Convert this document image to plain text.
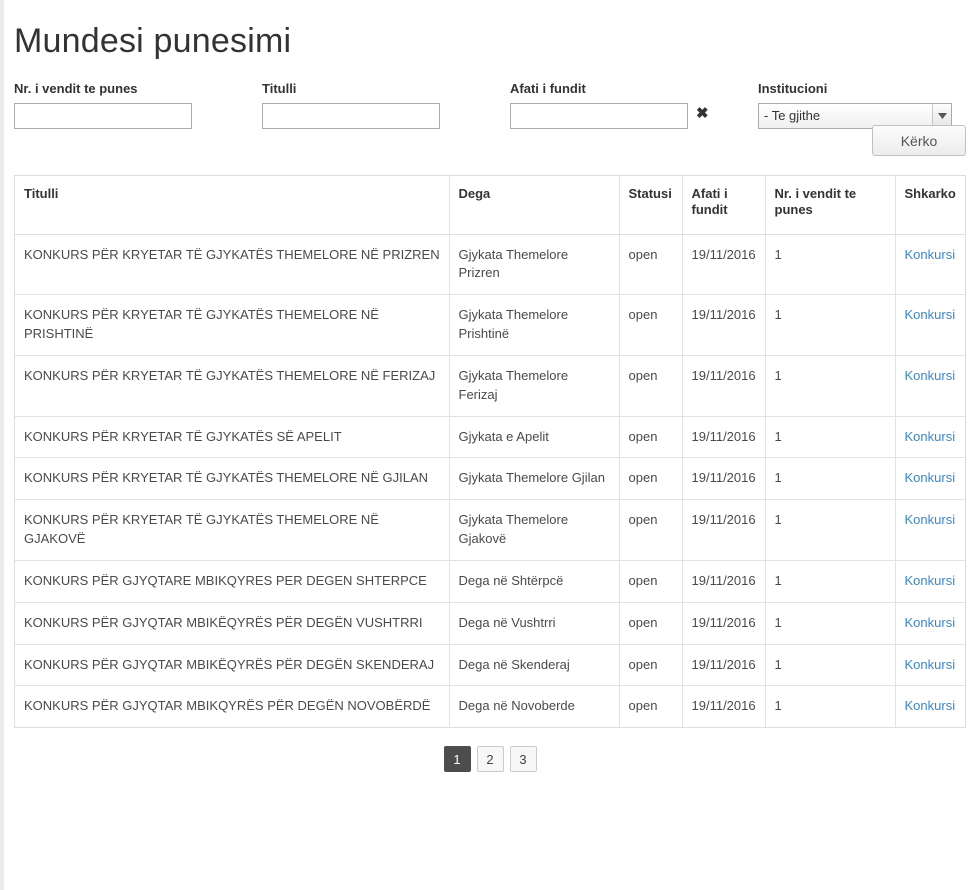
Mundesi punesimi
Nr. i vendit te punes	Titulli	Afati i fundit
✖
Institucioni
- Te gjithe
Kërko
Titulli	Dega	Statusi	Afati i fundit	Nr. i vendit te punes	Shkarko
KONKURS PËR KRYETAR TË GJYKATËS THEMELORE NË PRIZREN	Gjykata Themelore Prizren	open	19/11/2016	1	Konkursi
KONKURS PËR KRYETAR TË GJYKATËS THEMELORE NË PRISHTINË	Gjykata Themelore Prishtinë	open	19/11/2016	1	Konkursi
KONKURS PËR KRYETAR TË GJYKATËS THEMELORE NË FERIZAJ	Gjykata Themelore Ferizaj	open	19/11/2016	1	Konkursi
KONKURS PËR KRYETAR TË GJYKATËS SË APELIT	Gjykata e Apelit	open	19/11/2016	1	Konkursi
KONKURS PËR KRYETAR TË GJYKATËS THEMELORE NË GJILAN	Gjykata Themelore Gjilan	open	19/11/2016	1	Konkursi
KONKURS PËR KRYETAR TË GJYKATËS THEMELORE NË GJAKOVË	Gjykata Themelore Gjakovë	open	19/11/2016	1	Konkursi
KONKURS PËR GJYQTARE MBIKQYRES PER DEGEN SHTERPCE	Dega në Shtërpcë	open	19/11/2016	1	Konkursi
KONKURS PËR GJYQTAR MBIKËQYRËS PËR DEGËN VUSHTRRI	Dega në Vushtrri	open	19/11/2016	1	Konkursi
KONKURS PËR GJYQTAR MBIKËQYRËS PËR DEGËN SKENDERAJ	Dega në Skenderaj	open	19/11/2016	1	Konkursi
KONKURS PËR GJYQTAR MBIKQYRËS PËR DEGËN NOVOBËRDË	Dega në Novoberde	open	19/11/2016	1	Konkursi
1	2	3
